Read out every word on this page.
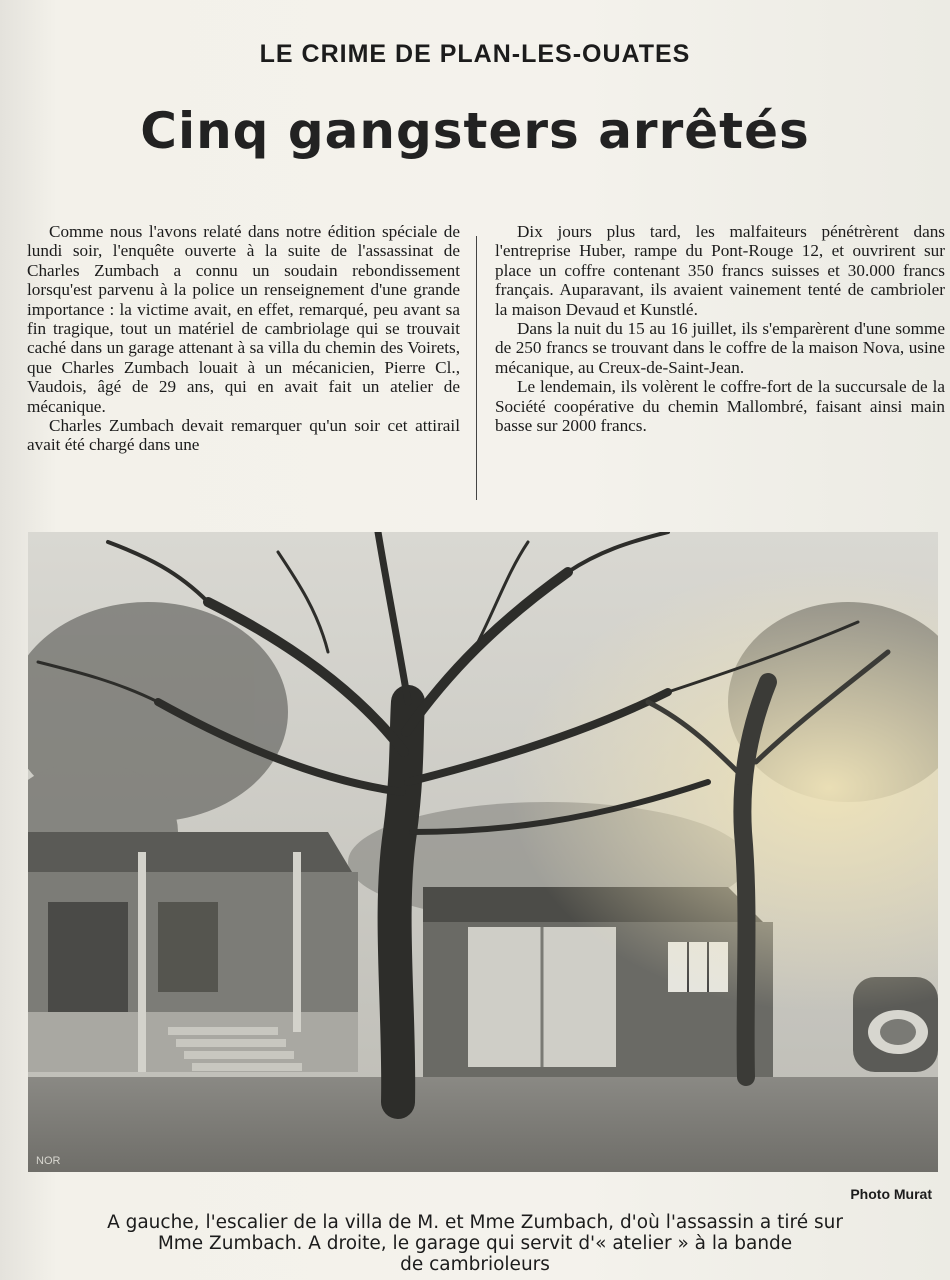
LE CRIME DE PLAN-LES-OUATES
Cinq gangsters arrêtés

Comme nous l'avons relaté dans notre édition spéciale de lundi soir, l'enquête ouverte à la suite de l'assassinat de Charles Zumbach a connu un soudain rebondissement lorsqu'est parvenu à la police un renseignement d'une grande importance : la victime avait, en effet, remarqué, peu avant sa fin tragique, tout un matériel de cambriolage qui se trouvait caché dans un garage attenant à sa villa du chemin des Voirets, que Charles Zumbach louait à un mécanicien, Pierre Cl., Vaudois, âgé de 29 ans, qui en avait fait un atelier de mécanique.

Charles Zumbach devait remarquer qu'un soir cet attirail avait été chargé dans une

Dix jours plus tard, les malfaiteurs pénétrèrent dans l'entreprise Huber, rampe du Pont-Rouge 12, et ouvrirent sur place un coffre contenant 350 francs suisses et 30.000 francs français. Auparavant, ils avaient vainement tenté de cambrioler la maison Devaud et Kunstlé.

Dans la nuit du 15 au 16 juillet, ils s'emparèrent d'une somme de 250 francs se trouvant dans le coffre de la maison Nova, usine mécanique, au Creux-de-Saint-Jean.

Le lendemain, ils volèrent le coffre-fort de la succursale de la Société coopérative du chemin Mallombré, faisant ainsi main basse sur 2000 francs.

NOR
Photo Murat
A gauche, l'escalier de la villa de M. et Mme Zumbach, d'où l'assassin a tiré sur
Mme Zumbach. A droite, le garage qui servit d'« atelier » à la bande
de cambrioleurs
